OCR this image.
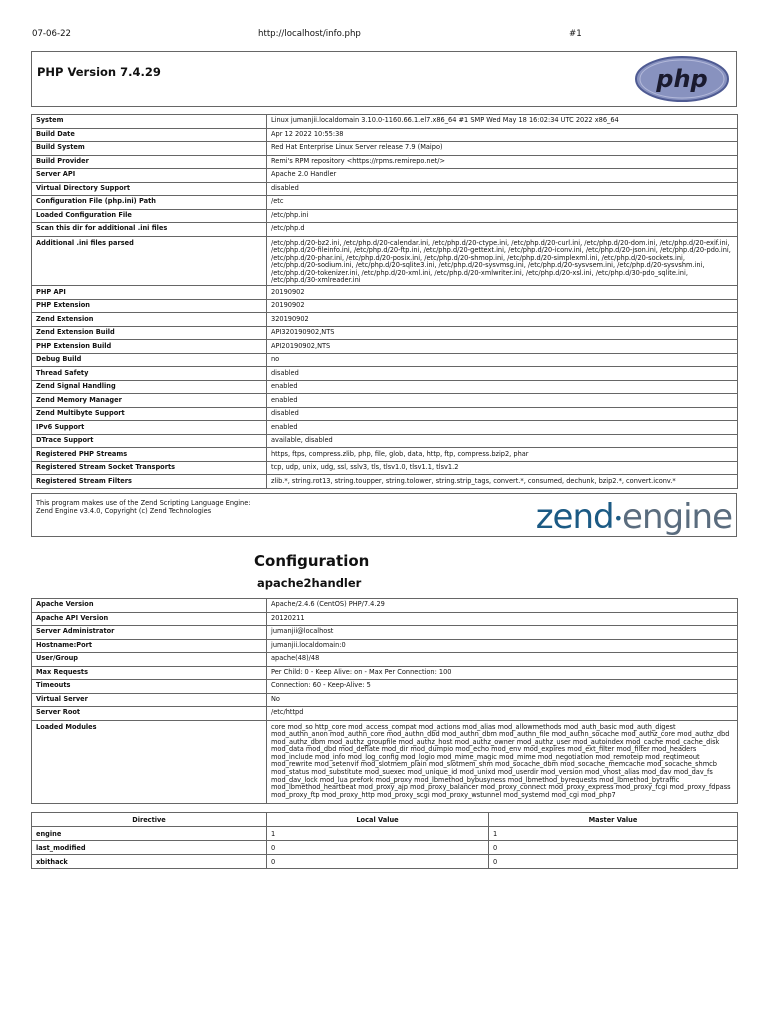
07-06-22	http://localhost/info.php	#1
PHP Version 7.4.29	php
System	Linux jumanjii.localdomain 3.10.0-1160.66.1.el7.x86_64 #1 SMP Wed May 18 16:02:34 UTC 2022 x86_64
Build Date	Apr 12 2022 10:55:38
Build System	Red Hat Enterprise Linux Server release 7.9 (Maipo)
Build Provider	Remi's RPM repository <https://rpms.remirepo.net/>
Server API	Apache 2.0 Handler
Virtual Directory Support	disabled
Configuration File (php.ini) Path	/etc
Loaded Configuration File	/etc/php.ini
Scan this dir for additional .ini files	/etc/php.d
Additional .ini files parsed	/etc/php.d/20-bz2.ini, /etc/php.d/20-calendar.ini, /etc/php.d/20-ctype.ini, /etc/php.d/20-curl.ini, /etc/php.d/20-dom.ini, /etc/php.d/20-exif.ini, /etc/php.d/20-fileinfo.ini, /etc/php.d/20-ftp.ini, /etc/php.d/20-gettext.ini, /etc/php.d/20-iconv.ini, /etc/php.d/20-json.ini, /etc/php.d/20-pdo.ini, /etc/php.d/20-phar.ini, /etc/php.d/20-posix.ini, /etc/php.d/20-shmop.ini, /etc/php.d/20-simplexml.ini, /etc/php.d/20-sockets.ini, /etc/php.d/20-sodium.ini, /etc/php.d/20-sqlite3.ini, /etc/php.d/20-sysvmsg.ini, /etc/php.d/20-sysvsem.ini, /etc/php.d/20-sysvshm.ini, /etc/php.d/20-tokenizer.ini, /etc/php.d/20-xml.ini, /etc/php.d/20-xmlwriter.ini, /etc/php.d/20-xsl.ini, /etc/php.d/30-pdo_sqlite.ini, /etc/php.d/30-xmlreader.ini
PHP API	20190902
PHP Extension	20190902
Zend Extension	320190902
Zend Extension Build	API320190902,NTS
PHP Extension Build	API20190902,NTS
Debug Build	no
Thread Safety	disabled
Zend Signal Handling	enabled
Zend Memory Manager	enabled
Zend Multibyte Support	disabled
IPv6 Support	enabled
DTrace Support	available, disabled
Registered PHP Streams	https, ftps, compress.zlib, php, file, glob, data, http, ftp, compress.bzip2, phar
Registered Stream Socket Transports	tcp, udp, unix, udg, ssl, sslv3, tls, tlsv1.0, tlsv1.1, tlsv1.2
Registered Stream Filters	zlib.*, string.rot13, string.toupper, string.tolower, string.strip_tags, convert.*, consumed, dechunk, bzip2.*, convert.iconv.*
This program makes use of the Zend Scripting Language Engine:
Zend Engine v3.4.0, Copyright (c) Zend Technologies	zend•engine
Configuration
apache2handler
Apache Version	Apache/2.4.6 (CentOS) PHP/7.4.29
Apache API Version	20120211
Server Administrator	jumanjii@localhost
Hostname:Port	jumanjii.localdomain:0
User/Group	apache(48)/48
Max Requests	Per Child: 0 - Keep Alive: on - Max Per Connection: 100
Timeouts	Connection: 60 - Keep-Alive: 5
Virtual Server	No
Server Root	/etc/httpd
Loaded Modules	core mod_so http_core mod_access_compat mod_actions mod_alias mod_allowmethods mod_auth_basic mod_auth_digest mod_authn_anon mod_authn_core mod_authn_dbd mod_authn_dbm mod_authn_file mod_authn_socache mod_authz_core mod_authz_dbd mod_authz_dbm mod_authz_groupfile mod_authz_host mod_authz_owner mod_authz_user mod_autoindex mod_cache mod_cache_disk mod_data mod_dbd mod_deflate mod_dir mod_dumpio mod_echo mod_env mod_expires mod_ext_filter mod_filter mod_headers mod_include mod_info mod_log_config mod_logio mod_mime_magic mod_mime mod_negotiation mod_remoteip mod_reqtimeout mod_rewrite mod_setenvif mod_slotmem_plain mod_slotmem_shm mod_socache_dbm mod_socache_memcache mod_socache_shmcb mod_status mod_substitute mod_suexec mod_unique_id mod_unixd mod_userdir mod_version mod_vhost_alias mod_dav mod_dav_fs mod_dav_lock mod_lua prefork mod_proxy mod_lbmethod_bybusyness mod_lbmethod_byrequests mod_lbmethod_bytraffic mod_lbmethod_heartbeat mod_proxy_ajp mod_proxy_balancer mod_proxy_connect mod_proxy_express mod_proxy_fcgi mod_proxy_fdpass mod_proxy_ftp mod_proxy_http mod_proxy_scgi mod_proxy_wstunnel mod_systemd mod_cgi mod_php7
Directive	Local Value	Master Value
engine	1	1
last_modified	0	0
xbithack	0	0
